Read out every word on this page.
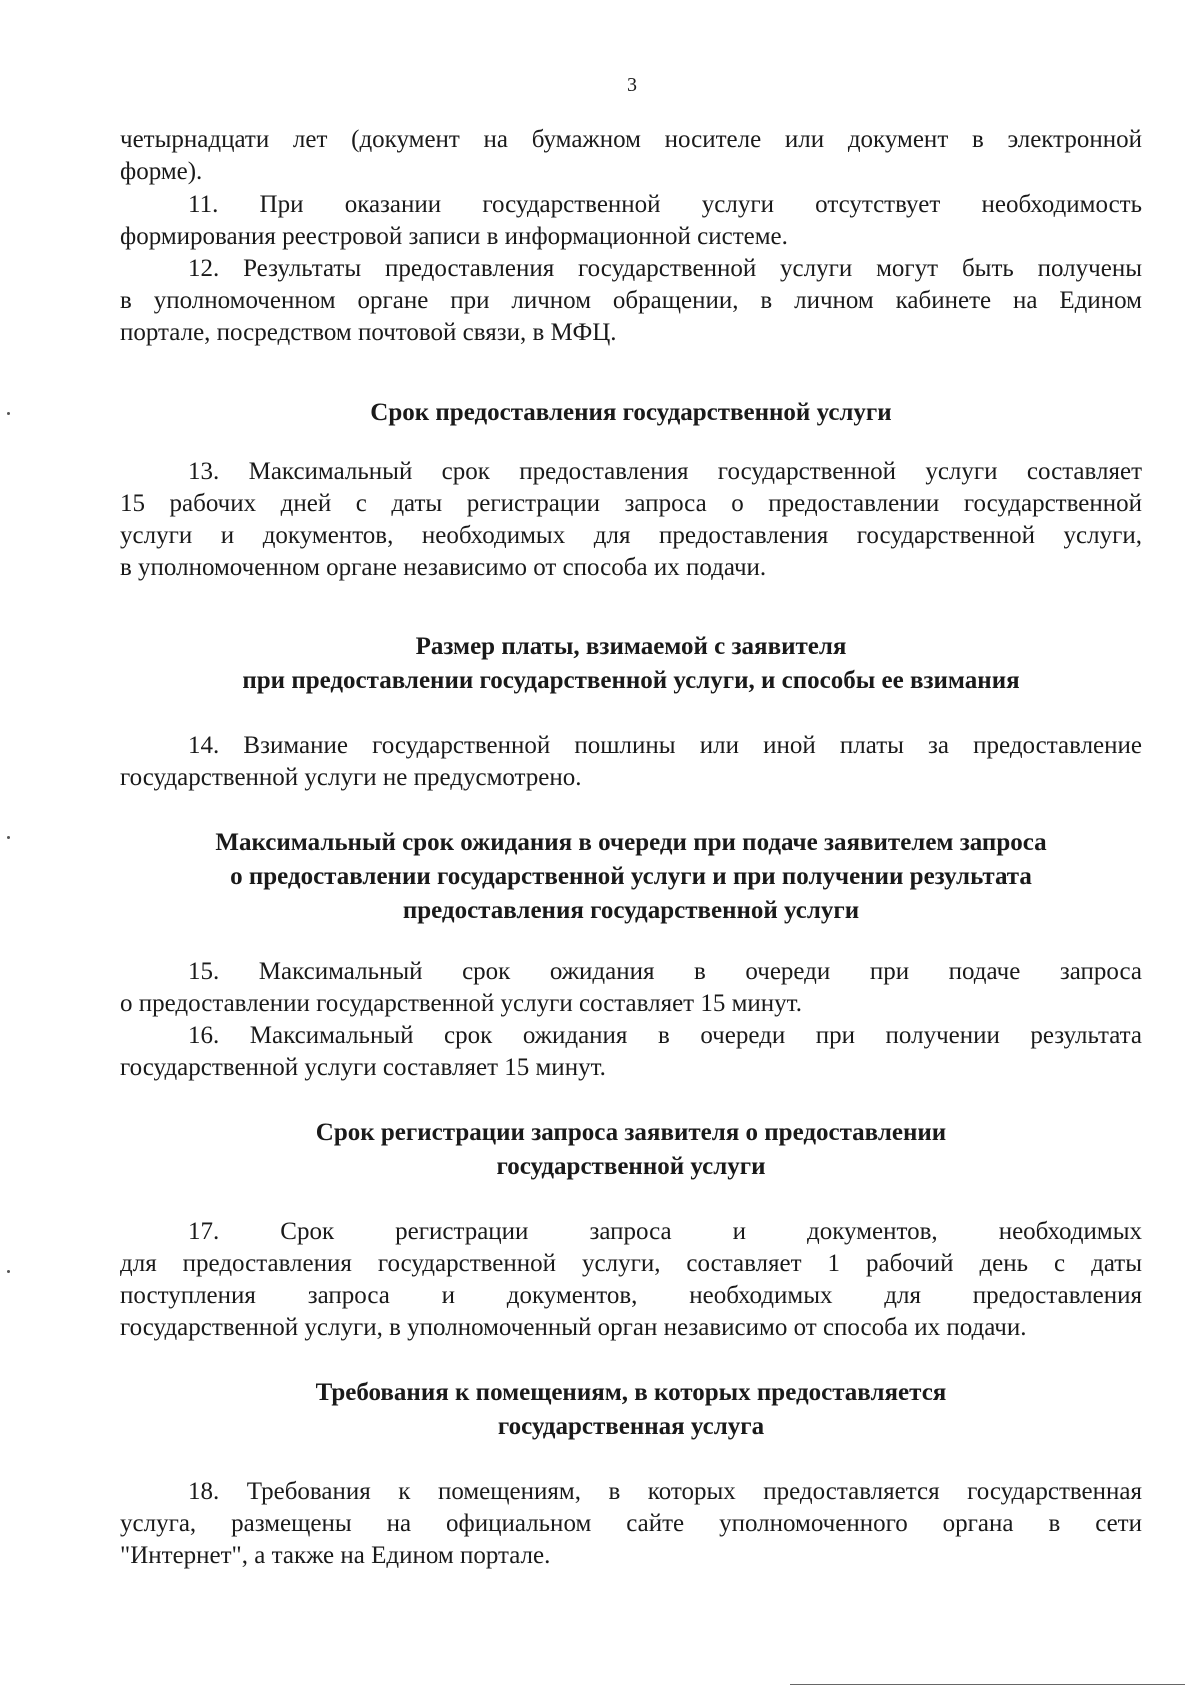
3
четырнадцати лет (документ на бумажном носителе или документ в электронной
форме).
11. При оказании государственной услуги отсутствует необходимость
формирования реестровой записи в информационной системе.
12. Результаты предоставления государственной услуги могут быть получены
в уполномоченном органе при личном обращении, в личном кабинете на Едином
портале, посредством почтовой связи, в МФЦ.
Срок предоставления государственной услуги
13. Максимальный срок предоставления государственной услуги составляет
15 рабочих дней с даты регистрации запроса о предоставлении государственной
услуги и документов, необходимых для предоставления государственной услуги,
в уполномоченном органе независимо от способа их подачи.
Размер платы, взимаемой с заявителя
при предоставлении государственной услуги, и способы ее взимания
14. Взимание государственной пошлины или иной платы за предоставление
государственной услуги не предусмотрено.
Максимальный срок ожидания в очереди при подаче заявителем запроса
о предоставлении государственной услуги и при получении результата
предоставления государственной услуги
15. Максимальный срок ожидания в очереди при подаче запроса
о предоставлении государственной услуги составляет 15 минут.
16. Максимальный срок ожидания в очереди при получении результата
государственной услуги составляет 15 минут.
Срок регистрации запроса заявителя о предоставлении
государственной услуги
17. Срок регистрации запроса и документов, необходимых
для предоставления государственной услуги, составляет 1 рабочий день с даты
поступления запроса и документов, необходимых для предоставления
государственной услуги, в уполномоченный орган независимо от способа их подачи.
Требования к помещениям, в которых предоставляется
государственная услуга
18. Требования к помещениям, в которых предоставляется государственная
услуга, размещены на официальном сайте уполномоченного органа в сети
"Интернет", а также на Едином портале.
